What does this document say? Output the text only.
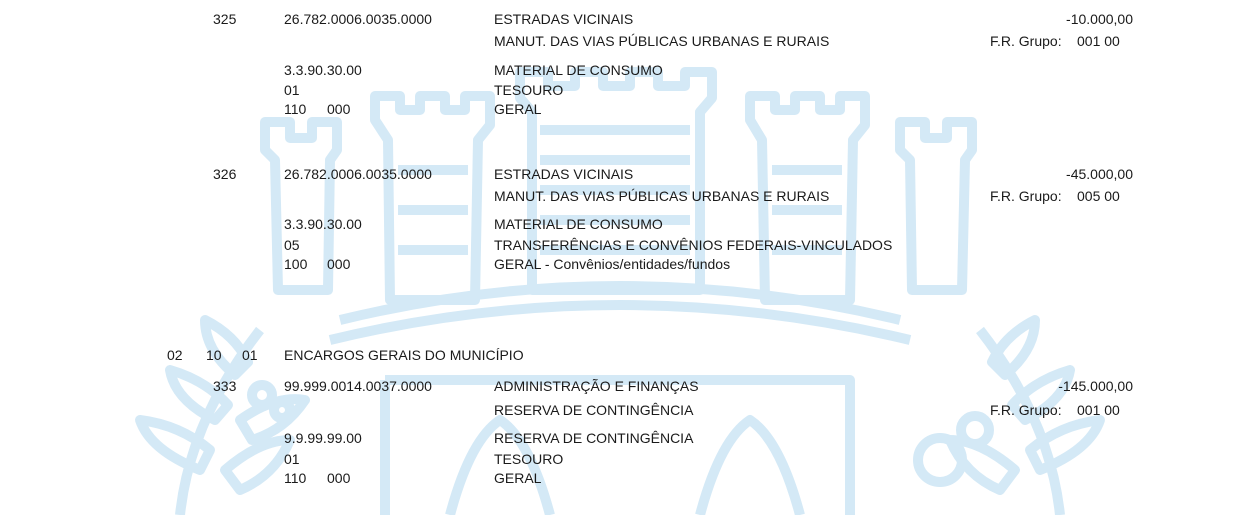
325	26.782.0006.0035.0000	ESTRADAS VICINAIS	-10.000,00
MANUT. DAS VIAS PÚBLICAS URBANAS E RURAIS	F.R. Grupo: 001 00
3.3.90.30.00	MATERIAL DE CONSUMO
01	TESOURO
110 000	GERAL
326	26.782.0006.0035.0000	ESTRADAS VICINAIS	-45.000,00
MANUT. DAS VIAS PÚBLICAS URBANAS E RURAIS	F.R. Grupo: 005 00
3.3.90.30.00	MATERIAL DE CONSUMO
05	TRANSFERÊNCIAS E CONVÊNIOS FEDERAIS-VINCULADOS
100 000	GERAL - Convênios/entidades/fundos
02 10 01 ENCARGOS GERAIS DO MUNICÍPIO
333	99.999.0014.0037.0000	ADMINISTRAÇÃO E FINANÇAS	-145.000,00
RESERVA DE CONTINGÊNCIA	F.R. Grupo: 001 00
9.9.99.99.00	RESERVA DE CONTINGÊNCIA
01	TESOURO
110 000	GERAL
